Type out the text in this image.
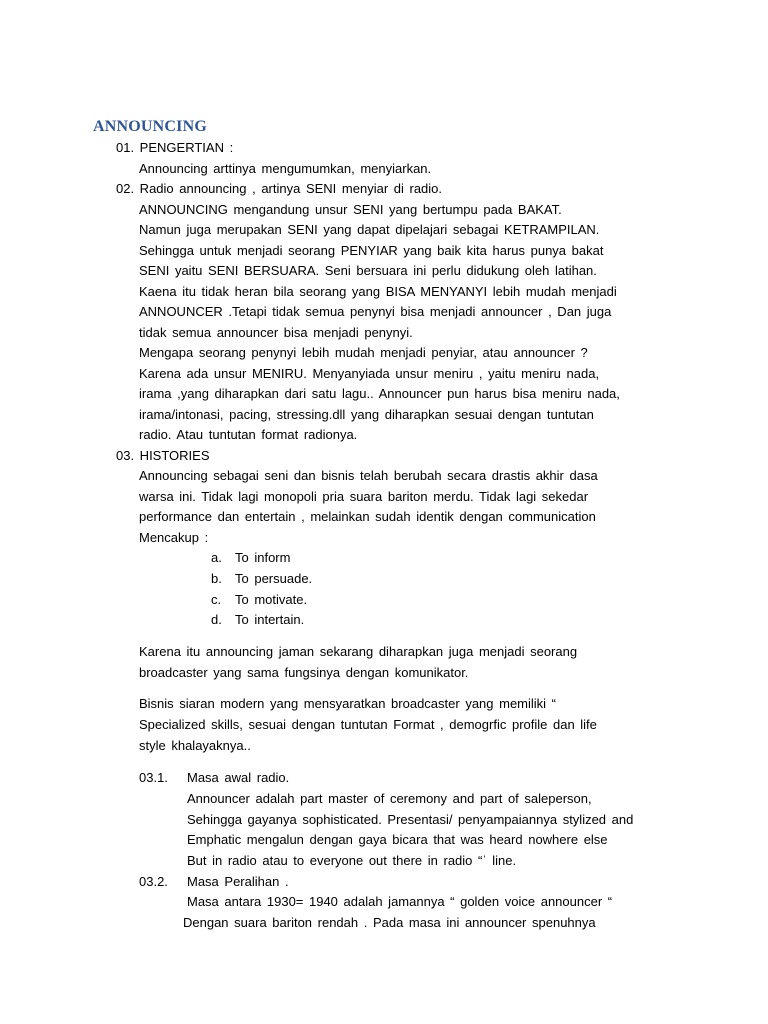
ANNOUNCING
01. PENGERTIAN :
Announcing arttinya mengumumkan, menyiarkan.
02. Radio announcing , artinya SENI menyiar di radio.
ANNOUNCING mengandung unsur SENI yang bertumpu pada BAKAT.
Namun juga merupakan SENI yang dapat dipelajari sebagai KETRAMPILAN.
Sehingga untuk menjadi seorang PENYIAR yang baik kita harus punya bakat
SENI yaitu SENI BERSUARA. Seni bersuara ini perlu didukung oleh latihan.
Kaena itu tidak heran bila seorang yang BISA MENYANYI lebih mudah menjadi
ANNOUNCER .Tetapi tidak semua penynyi bisa menjadi announcer , Dan juga
tidak semua announcer bisa menjadi penynyi.
Mengapa seorang penynyi lebih mudah menjadi penyiar, atau announcer ?
Karena ada unsur MENIRU. Menyanyiada unsur meniru , yaitu meniru nada,
irama ,yang diharapkan dari satu lagu.. Announcer pun harus bisa meniru nada,
irama/intonasi, pacing, stressing.dll yang diharapkan sesuai dengan tuntutan
radio. Atau tuntutan format radionya.
03. HISTORIES
Announcing sebagai seni dan bisnis telah berubah secara drastis akhir dasa
warsa ini. Tidak lagi monopoli pria suara bariton merdu. Tidak lagi sekedar
performance dan entertain , melainkan sudah identik dengan communication
Mencakup :
a. To inform
b. To persuade.
c. To motivate.
d. To intertain.
Karena itu announcing jaman sekarang diharapkan juga menjadi seorang
broadcaster yang sama fungsinya dengan komunikator.
Bisnis siaran modern yang mensyaratkan broadcaster yang memiliki “
Specialized skills, sesuai dengan tuntutan Format , demogrfic profile dan life
style khalayaknya..
03.1. Masa awal radio.
Announcer adalah part master of ceremony and part of saleperson,
Sehingga gayanya sophisticated. Presentasi/ penyampaiannya stylized and
Emphatic mengalun dengan gaya bicara that was heard nowhere else
But in radio atau to everyone out there in radio “ˈ line.
03.2. Masa Peralihan .
Masa antara 1930= 1940 adalah jamannya “ golden voice announcer “
Dengan suara bariton rendah . Pada masa ini announcer spenuhnya
